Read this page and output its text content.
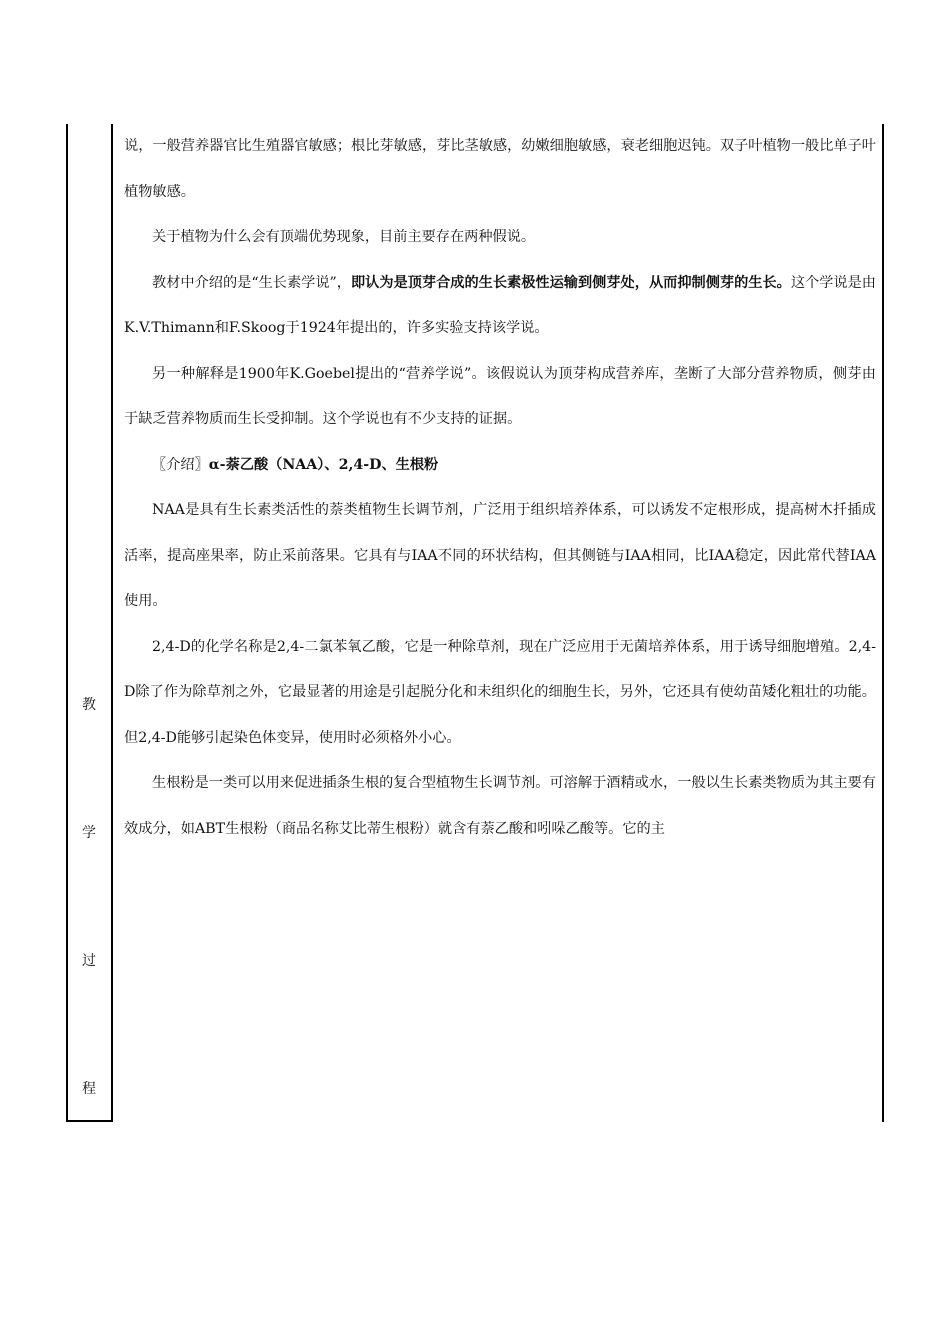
教
学
过
程

说，一般营养器官比生殖器官敏感；根比芽敏感，芽比茎敏感，幼嫩细胞敏感，衰老细胞迟钝。双子叶植物一般比单子叶植物敏感。

关于植物为什么会有顶端优势现象，目前主要存在两种假说。

教材中介绍的是“生长素学说”，即认为是顶芽合成的生长素极性运输到侧芽处，从而抑制侧芽的生长。这个学说是由K.V.Thimann和F.Skoog于1924年提出的，许多实验支持该学说。

另一种解释是1900年K.Goebel提出的“营养学说”。该假说认为顶芽构成营养库，垄断了大部分营养物质，侧芽由于缺乏营养物质而生长受抑制。这个学说也有不少支持的证据。

〖介绍〗α-萘乙酸（NAA）、2,4-D、生根粉

NAA是具有生长素类活性的萘类植物生长调节剂，广泛用于组织培养体系，可以诱发不定根形成，提高树木扦插成活率，提高座果率，防止采前落果。它具有与IAA不同的环状结构，但其侧链与IAA相同，比IAA稳定，因此常代替IAA使用。

2,4-D的化学名称是2,4-二氯苯氧乙酸，它是一种除草剂，现在广泛应用于无菌培养体系，用于诱导细胞增殖。2,4-D除了作为除草剂之外，它最显著的用途是引起脱分化和未组织化的细胞生长，另外，它还具有使幼苗矮化粗壮的功能。但2,4-D能够引起染色体变异，使用时必须格外小心。

生根粉是一类可以用来促进插条生根的复合型植物生长调节剂。可溶解于酒精或水，一般以生长素类物质为其主要有效成分，如ABT生根粉（商品名称艾比蒂生根粉）就含有萘乙酸和吲哚乙酸等。它的主
